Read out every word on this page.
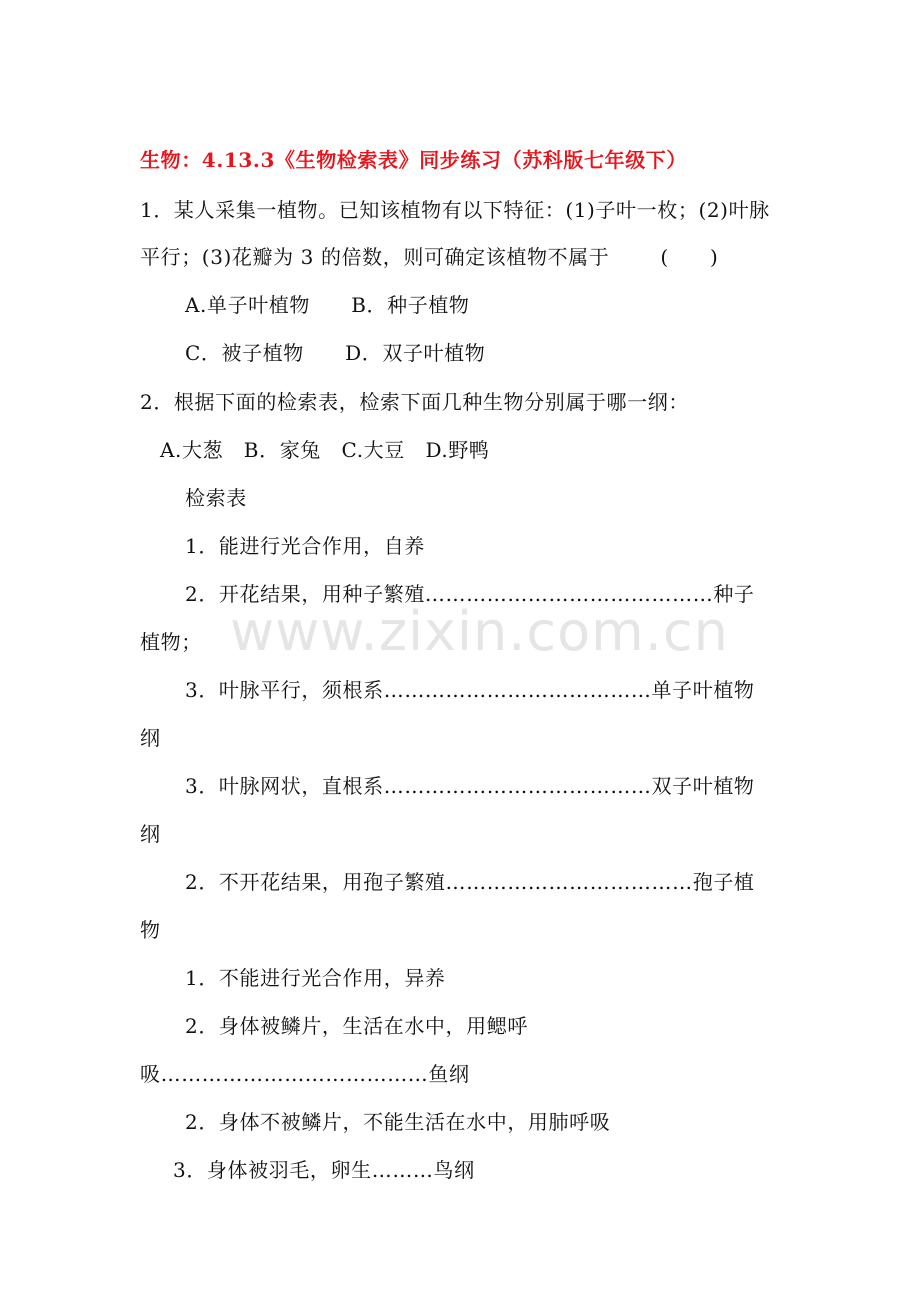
生物：4.13.3《生物检索表》同步练习（苏科版七年级下）
1．某人采集一植物。已知该植物有以下特征：(1)子叶一枚；(2)叶脉
平行；(3)花瓣为 3 的倍数，则可确定该植物不属于	(　　)
A.单子叶植物　　B．种子植物
C．被子植物　　D．双子叶植物
2．根据下面的检索表，检索下面几种生物分别属于哪一纲：
A.大葱　B．家兔　C.大豆　D.野鸭
检索表
1．能进行光合作用，自养
2．开花结果，用种子繁殖……………………………………种子
植物；
3．叶脉平行，须根系…………………………………单子叶植物
纲
3．叶脉网状，直根系…………………………………双子叶植物
纲
2．不开花结果，用孢子繁殖………………………………孢子植
物
1．不能进行光合作用，异养
2．身体被鳞片，生活在水中，用鳃呼
吸…………………………………鱼纲
2．身体不被鳞片，不能生活在水中，用肺呼吸
3．身体被羽毛，卵生………鸟纲
www.zixin.com.cn
